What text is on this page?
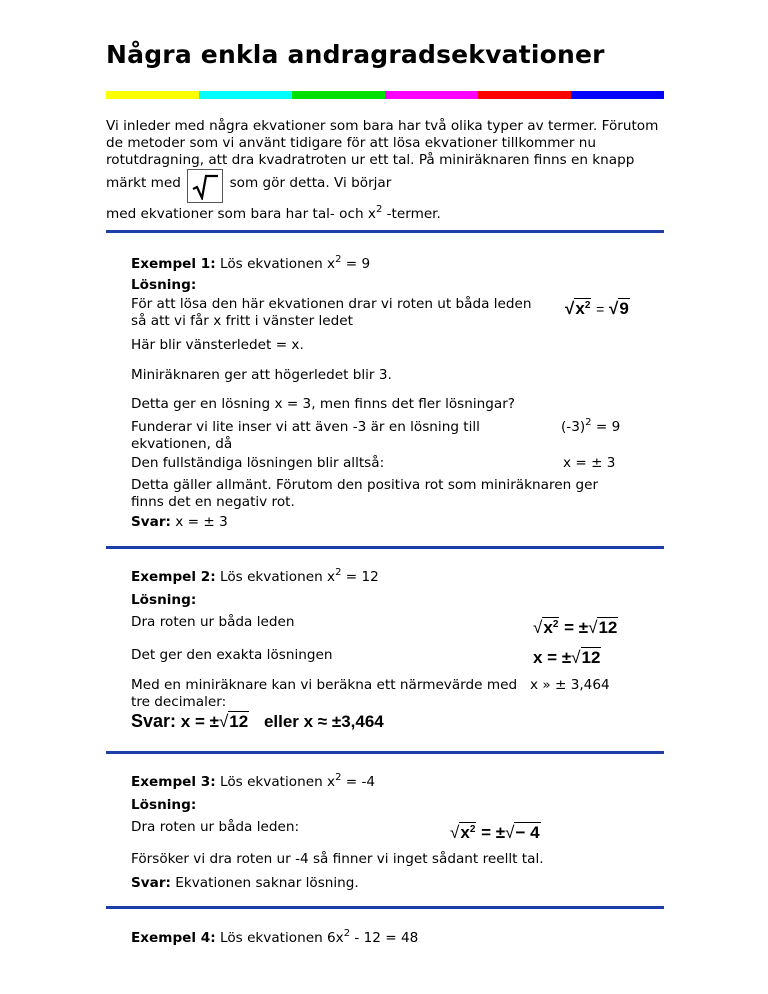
Några enkla andragradsekvationer

Vi inleder med några ekvationer som bara har två olika typer av termer. Förutom de metoder som vi använt tidigare för att lösa ekvationer tillkommer nu rotutdragning, att dra kvadratroten ur ett tal. På miniräknaren finns en knapp märkt med	som gör detta. Vi börjar

med ekvationer som bara har tal- och $x^2$ -termer.

Exempel 1: Lös ekvationen $x^2 = 9$
Lösning:
För att lösa den här ekvationen drar vi roten ut båda leden så att vi får x fritt i vänster ledet
$√x^2 = √9$
Här blir vänsterledet = x.
Miniräknaren ger att högerledet blir 3.
Detta ger en lösning x = 3, men finns det fler lösningar?
Funderar vi lite inser vi att även -3 är en lösning till ekvationen, då
$(-3)^2 = 9$
Den fullständiga lösningen blir alltså:	x = ± 3
Detta gäller allmänt. Förutom den positiva rot som miniräknaren ger finns det en negativ rot.
Svar: x = ± 3
Exempel 2: Lös ekvationen $x^2 = 12$
Lösning:
Dra roten ur båda leden	$√x^2 = \pm√12$
Det ger den exakta lösningen	x = ±√12
Med en miniräknare kan vi beräkna ett närmevärde med tre decimaler:
x » ± 3,464
Svar: x = ±√12 eller x ≈ ±3,464
Exempel 3: Lös ekvationen $x^2 = -4$
Lösning:
Dra roten ur båda leden:	$√x^2$ = ±√− 4
Försöker vi dra roten ur -4 så finner vi inget sådant reellt tal.
Svar: Ekvationen saknar lösning.
Exempel 4: Lös ekvationen $6x^2 - 12 = 48$
